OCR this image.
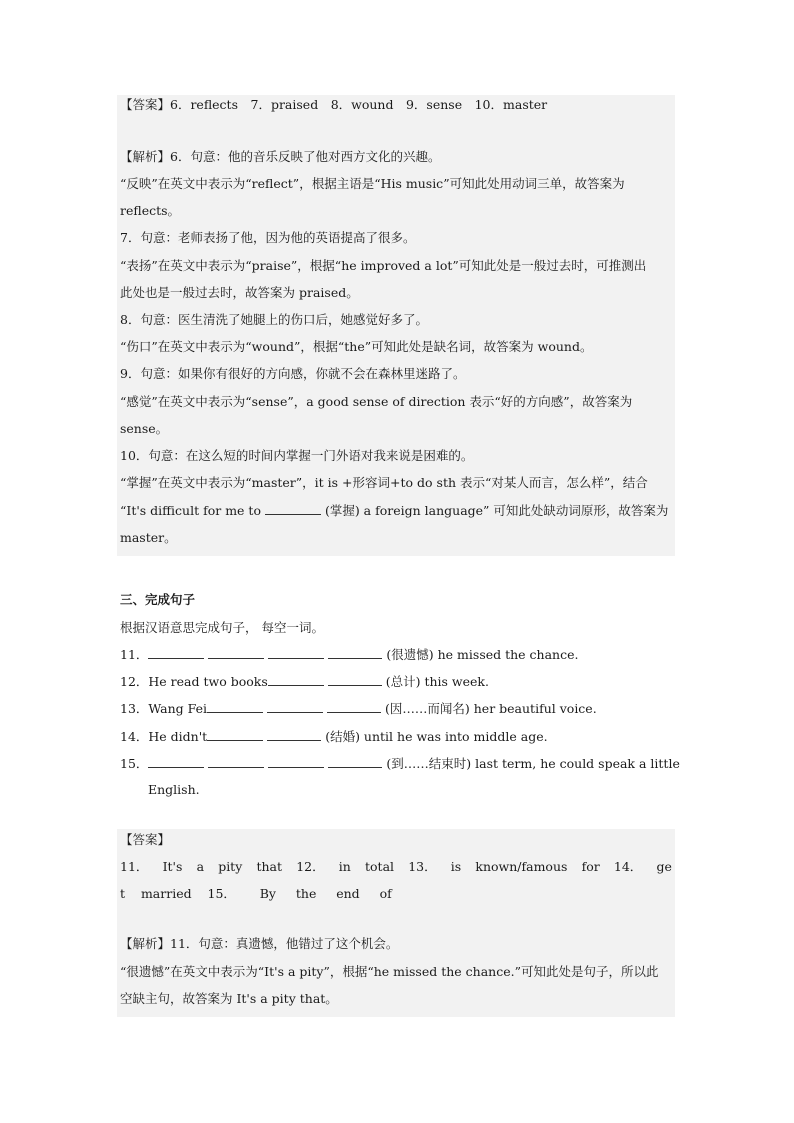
【答案】6．reflects　7．praised　8．wound　9．sense　10．master
【解析】6．句意：他的音乐反映了他对西方文化的兴趣。
“反映”在英文中表示为“reflect”，根据主语是“His music”可知此处用动词三单，故答案为
reflects。
7．句意：老师表扬了他，因为他的英语提高了很多。
“表扬”在英文中表示为“praise”，根据“he improved a lot”可知此处是一般过去时，可推测出
此处也是一般过去时，故答案为 praised。
8．句意：医生清洗了她腿上的伤口后，她感觉好多了。
“伤口”在英文中表示为“wound”，根据“the”可知此处是缺名词，故答案为 wound。
9．句意：如果你有很好的方向感，你就不会在森林里迷路了。
“感觉”在英文中表示为“sense”，a good sense of direction 表示“好的方向感”，故答案为
sense。
10．句意：在这么短的时间内掌握一门外语对我来说是困难的。
“掌握”在英文中表示为“master”，it is +形容词+to do sth 表示“对某人而言，怎么样”，结合
“It's difficult for me to	(掌握) a foreign language” 可知此处缺动词原形，故答案为
master。
三、完成句子
根据汉语意思完成句子， 每空一词。
11．	(很遗憾) he missed the chance.
12．He read two books	(总计) this week.
13．Wang Fei	(因……而闻名) her beautiful voice.
14．He didn't	(结婚) until he was into middle age.
15．	(到……结束时) last term, he could speak a little
English.
【答案】
11． It's a pity that 12． in total 13． is known/famous for 14． ge
t married 15． By the end of
【解析】11．句意：真遗憾，他错过了这个机会。
“很遗憾”在英文中表示为“It's a pity”，根据“he missed the chance.”可知此处是句子，所以此
空缺主句，故答案为 It's a pity that。
